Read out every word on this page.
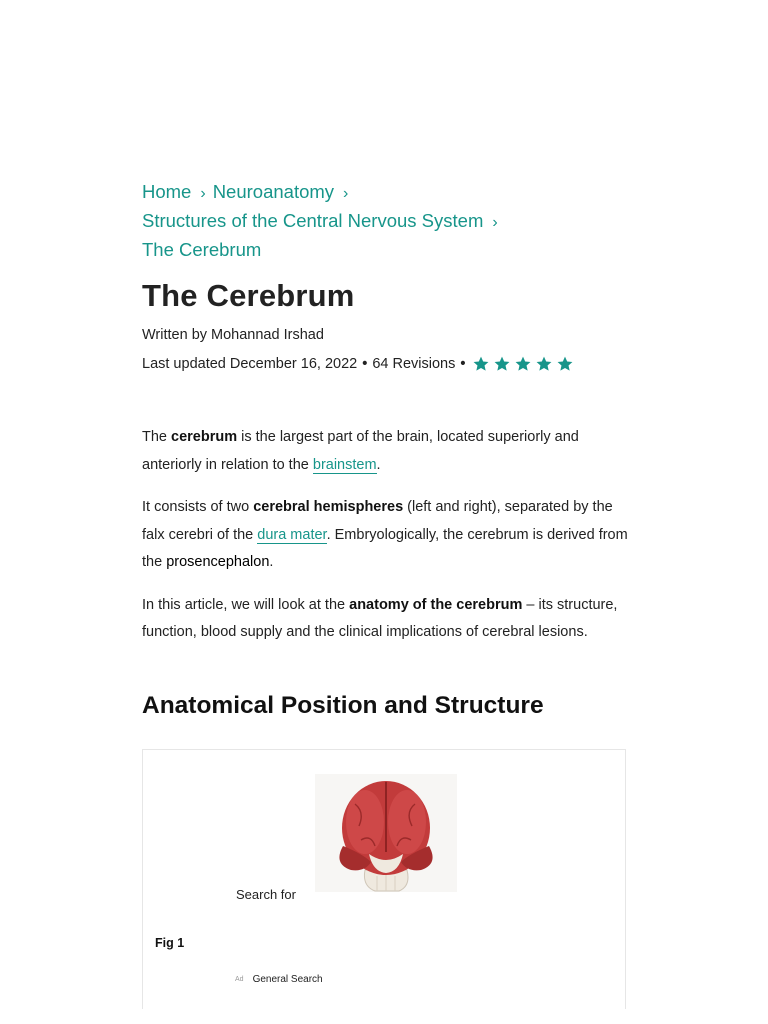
Home › Neuroanatomy ›
Structures of the Central Nervous System ›
The Cerebrum
The Cerebrum
Written by Mohannad Irshad
Last updated December 16, 2022 • 64 Revisions •

The cerebrum is the largest part of the brain, located superiorly and anteriorly in relation to the brainstem.

It consists of two cerebral hemispheres (left and right), separated by the falx cerebri of the dura mater. Embryologically, the cerebrum is derived from the prosencephalon.

In this article, we will look at the anatomy of the cerebrum – its structure, function, blood supply and the clinical implications of cerebral lesions.

Anatomical Position and Structure
Search for
Fig 1
Ad General Search
